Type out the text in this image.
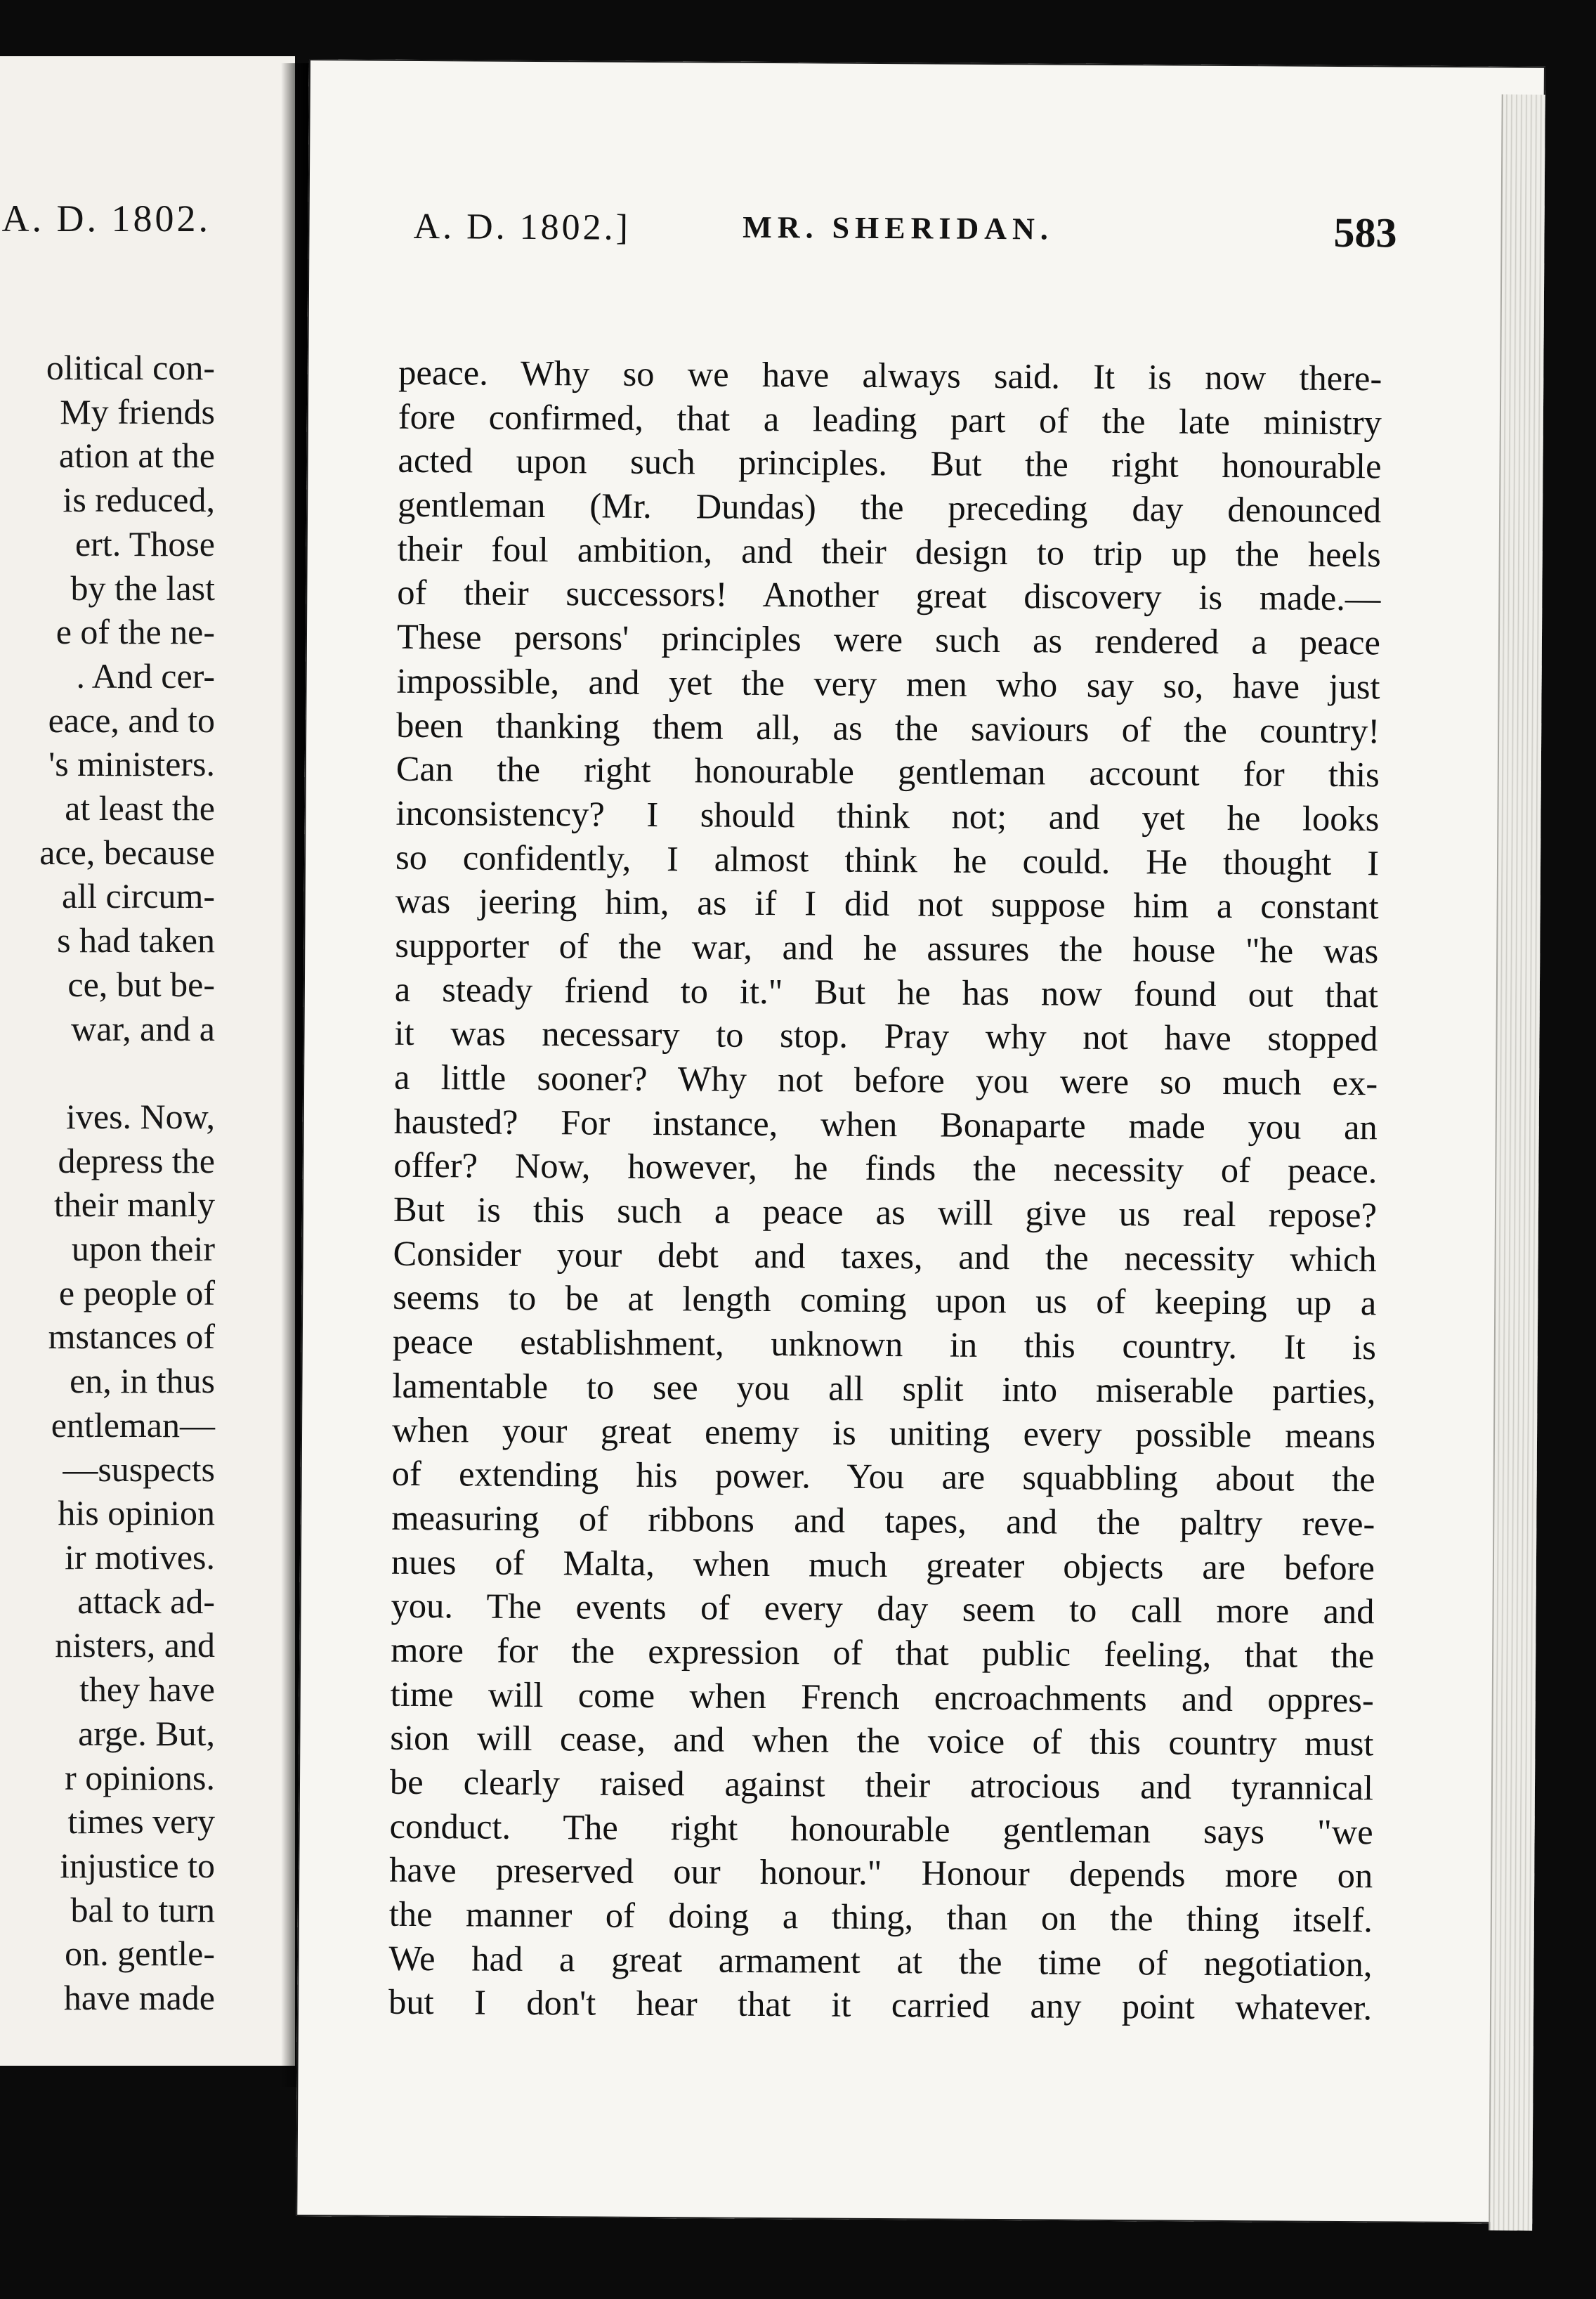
A. D. 1802.
olitical con-
My friends
ation at the
is reduced,
ert. Those
by the last
e of the ne-
. And cer-
eace, and to
's ministers.
at least the
ace, because
all circum-
s had taken
ce, but be-
war, and a

ives. Now,
depress the
their manly
upon their
e people of
mstances of
en, in thus
entleman—
—suspects
his opinion
ir motives.
attack ad-
nisters, and
they have
arge. But,
r opinions.
times very
injustice to
bal to turn
on. gentle-
have made
A. D. 1802.]	MR. SHERIDAN.	583
peace. Why so we have always said. It is now there-
fore confirmed, that a leading part of the late ministry
acted upon such principles. But the right honourable
gentleman (Mr. Dundas) the preceding day denounced
their foul ambition, and their design to trip up the heels
of their successors! Another great discovery is made.—
These persons' principles were such as rendered a peace
impossible, and yet the very men who say so, have just
been thanking them all, as the saviours of the country!
Can the right honourable gentleman account for this
inconsistency? I should think not; and yet he looks
so confidently, I almost think he could. He thought I
was jeering him, as if I did not suppose him a constant
supporter of the war, and he assures the house "he was
a steady friend to it." But he has now found out that
it was necessary to stop. Pray why not have stopped
a little sooner? Why not before you were so much ex-
hausted? For instance, when Bonaparte made you an
offer? Now, however, he finds the necessity of peace.
But is this such a peace as will give us real repose?
Consider your debt and taxes, and the necessity which
seems to be at length coming upon us of keeping up a
peace establishment, unknown in this country. It is
lamentable to see you all split into miserable parties,
when your great enemy is uniting every possible means
of extending his power. You are squabbling about the
measuring of ribbons and tapes, and the paltry reve-
nues of Malta, when much greater objects are before
you. The events of every day seem to call more and
more for the expression of that public feeling, that the
time will come when French encroachments and oppres-
sion will cease, and when the voice of this country must
be clearly raised against their atrocious and tyrannical
conduct. The right honourable gentleman says "we
have preserved our honour." Honour depends more on
the manner of doing a thing, than on the thing itself.
We had a great armament at the time of negotiation,
but I don't hear that it carried any point whatever.
